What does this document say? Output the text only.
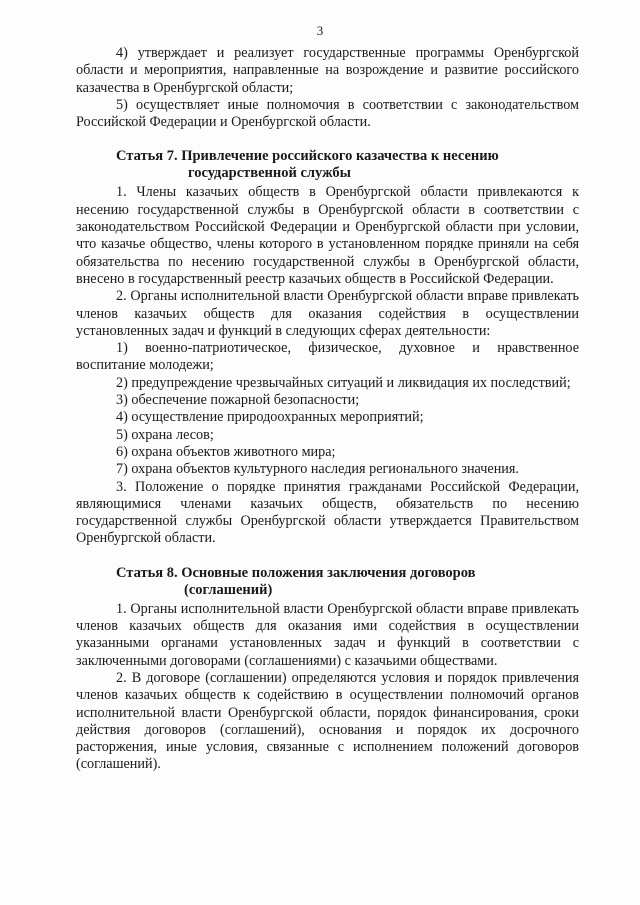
3

4) утверждает и реализует государственные программы Оренбургской области и мероприятия, направленные на возрождение и развитие российского казачества в Оренбургской области;

5) осуществляет иные полномочия в соответствии с законодательством Российской Федерации и Оренбургской области.

Статья 7. Привлечение российского казачества к несению
государственной службы

1. Члены казачьих обществ в Оренбургской области привлекаются к несению государственной службы в Оренбургской области в соответствии с законодательством Российской Федерации и Оренбургской области при условии, что казачье общество, члены которого в установленном порядке приняли на себя обязательства по несению государственной службы в Оренбургской области, внесено в государственный реестр казачьих обществ в Российской Федерации.

2. Органы исполнительной власти Оренбургской области вправе привлекать членов казачьих обществ для оказания содействия в осуществлении установленных задач и функций в следующих сферах деятельности:

1) военно-патриотическое, физическое, духовное и нравственное воспитание молодежи;

2) предупреждение чрезвычайных ситуаций и ликвидация их последствий;

3) обеспечение пожарной безопасности;

4) осуществление природоохранных мероприятий;

5) охрана лесов;

6) охрана объектов животного мира;

7) охрана объектов культурного наследия регионального значения.

3. Положение о порядке принятия гражданами Российской Федерации, являющимися членами казачьих обществ, обязательств по несению государственной службы Оренбургской области утверждается Правительством Оренбургской области.

Статья 8. Основные положения заключения договоров
(соглашений)

1. Органы исполнительной власти Оренбургской области вправе привлекать членов казачьих обществ для оказания ими содействия в осуществлении указанными органами установленных задач и функций в соответствии с заключенными договорами (соглашениями) с казачьими обществами.

2. В договоре (соглашении) определяются условия и порядок привлечения членов казачьих обществ к содействию в осуществлении полномочий органов исполнительной власти Оренбургской области, порядок финансирования, сроки действия договоров (соглашений), основания и порядок их досрочного расторжения, иные условия, связанные с исполнением положений договоров (соглашений).
